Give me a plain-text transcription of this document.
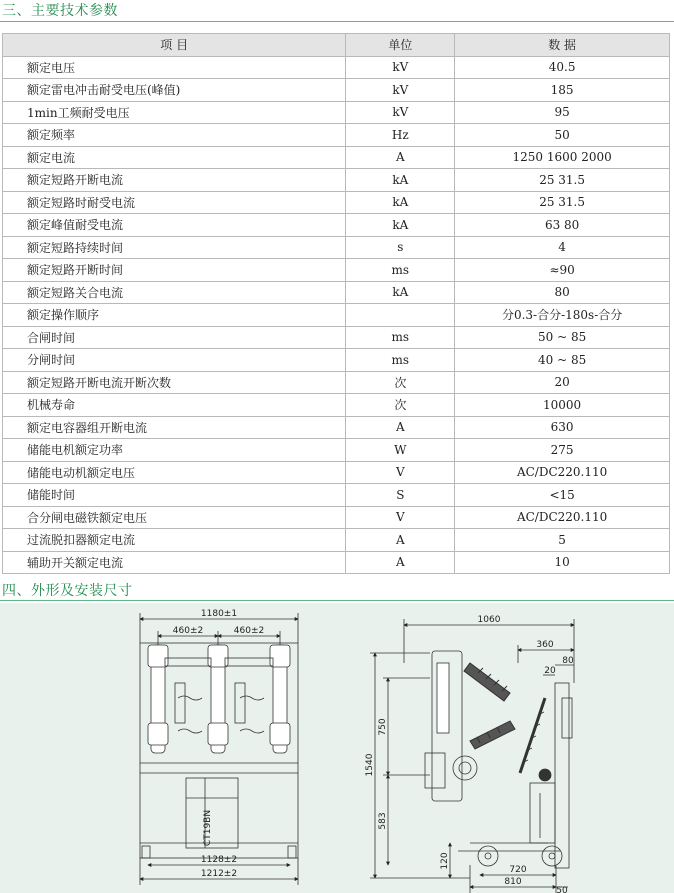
三、主要技术参数
项 目	单位	数 据
额定电压	kV	40.5
额定雷电冲击耐受电压(峰值)	kV	185
1min工频耐受电压	kV	95
额定频率	Hz	50
额定电流	A	1250 1600 2000
额定短路开断电流	kA	25 31.5
额定短路时耐受电流	kA	25 31.5
额定峰值耐受电流	kA	63 80
额定短路持续时间	s	4
额定短路开断时间	ms	≈90
额定短路关合电流	kA	80
额定操作顺序		分0.3-合分-180s-合分
合闸时间	ms	50 ~ 85
分闸时间	ms	40 ~ 85
额定短路开断电流开断次数	次	20
机械寿命	次	10000
额定电容器组开断电流	A	630
储能电机额定功率	W	275
储能电动机额定电压	V	AC/DC220.110
储能时间	S	<15
合分闸电磁铁额定电压	V	AC/DC220.110
过流脱扣器额定电流	A	5
辅助开关额定电流	A	10
四、外形及安装尺寸
1180±1
460±2	460±2
1128±2
1212±2
CT19BN
1060
360
80
20
1540
750
583
120
720
810
50
